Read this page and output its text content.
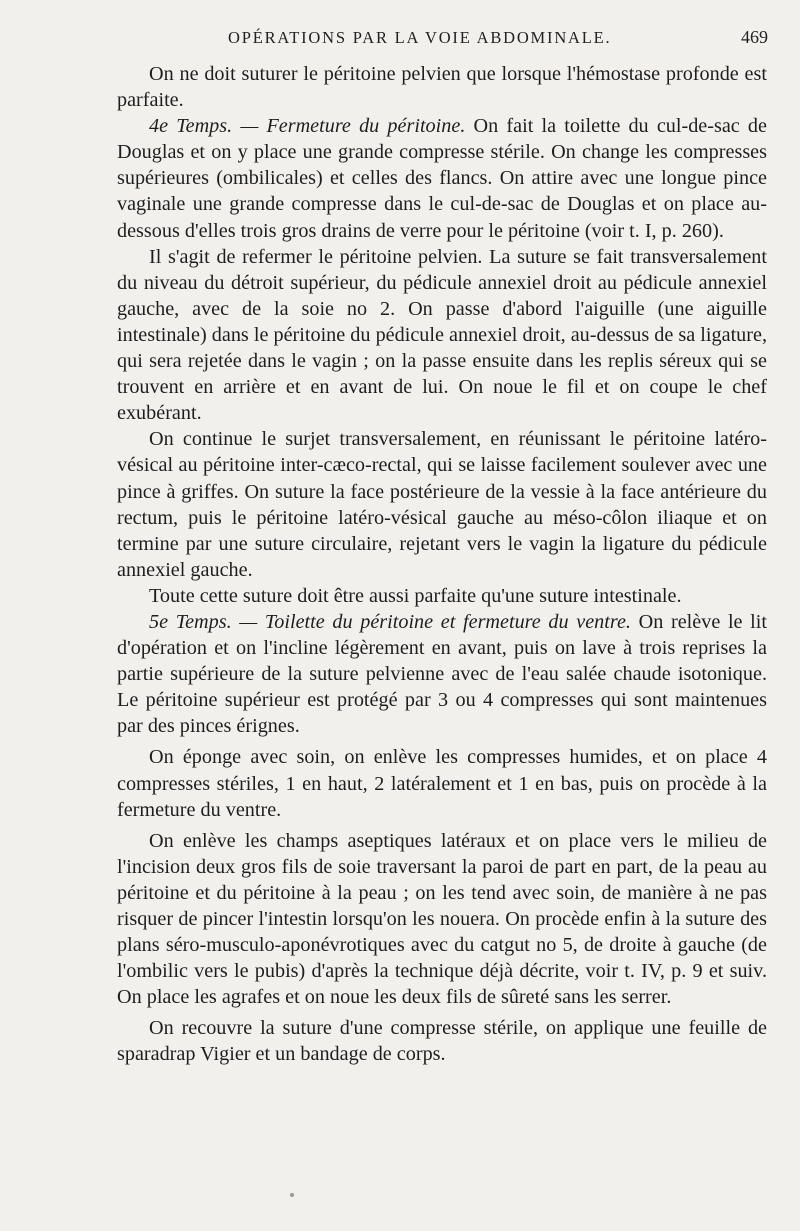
OPÉRATIONS PAR LA VOIE ABDOMINALE.	469

On ne doit suturer le péritoine pelvien que lorsque l'hémostase profonde est parfaite.

4e Temps. — Fermeture du péritoine. On fait la toilette du cul-de-sac de Douglas et on y place une grande compresse stérile. On change les compresses supérieures (ombilicales) et celles des flancs. On attire avec une longue pince vaginale une grande compresse dans le cul-de-sac de Douglas et on place au-dessous d'elles trois gros drains de verre pour le péritoine (voir t. I, p. 260).

Il s'agit de refermer le péritoine pelvien. La suture se fait transversalement du niveau du détroit supérieur, du pédicule annexiel droit au pédicule annexiel gauche, avec de la soie no 2. On passe d'abord l'aiguille (une aiguille intestinale) dans le péritoine du pédicule annexiel droit, au-dessus de sa ligature, qui sera rejetée dans le vagin ; on la passe ensuite dans les replis séreux qui se trouvent en arrière et en avant de lui. On noue le fil et on coupe le chef exubérant.

On continue le surjet transversalement, en réunissant le péritoine latéro-vésical au péritoine inter-cæco-rectal, qui se laisse facilement soulever avec une pince à griffes. On suture la face postérieure de la vessie à la face antérieure du rectum, puis le péritoine latéro-vésical gauche au méso-côlon iliaque et on termine par une suture circulaire, rejetant vers le vagin la ligature du pédicule annexiel gauche.

Toute cette suture doit être aussi parfaite qu'une suture intestinale.

5e Temps. — Toilette du péritoine et fermeture du ventre. On relève le lit d'opération et on l'incline légèrement en avant, puis on lave à trois reprises la partie supérieure de la suture pelvienne avec de l'eau salée chaude isotonique. Le péritoine supérieur est protégé par 3 ou 4 compresses qui sont maintenues par des pinces érignes.

On éponge avec soin, on enlève les compresses humides, et on place 4 compresses stériles, 1 en haut, 2 latéralement et 1 en bas, puis on procède à la fermeture du ventre.

On enlève les champs aseptiques latéraux et on place vers le milieu de l'incision deux gros fils de soie traversant la paroi de part en part, de la peau au péritoine et du péritoine à la peau ; on les tend avec soin, de manière à ne pas risquer de pincer l'intestin lorsqu'on les nouera. On procède enfin à la suture des plans séro-musculo-aponévrotiques avec du catgut no 5, de droite à gauche (de l'ombilic vers le pubis) d'après la technique déjà décrite, voir t. IV, p. 9 et suiv. On place les agrafes et on noue les deux fils de sûreté sans les serrer.

On recouvre la suture d'une compresse stérile, on applique une feuille de sparadrap Vigier et un bandage de corps.
